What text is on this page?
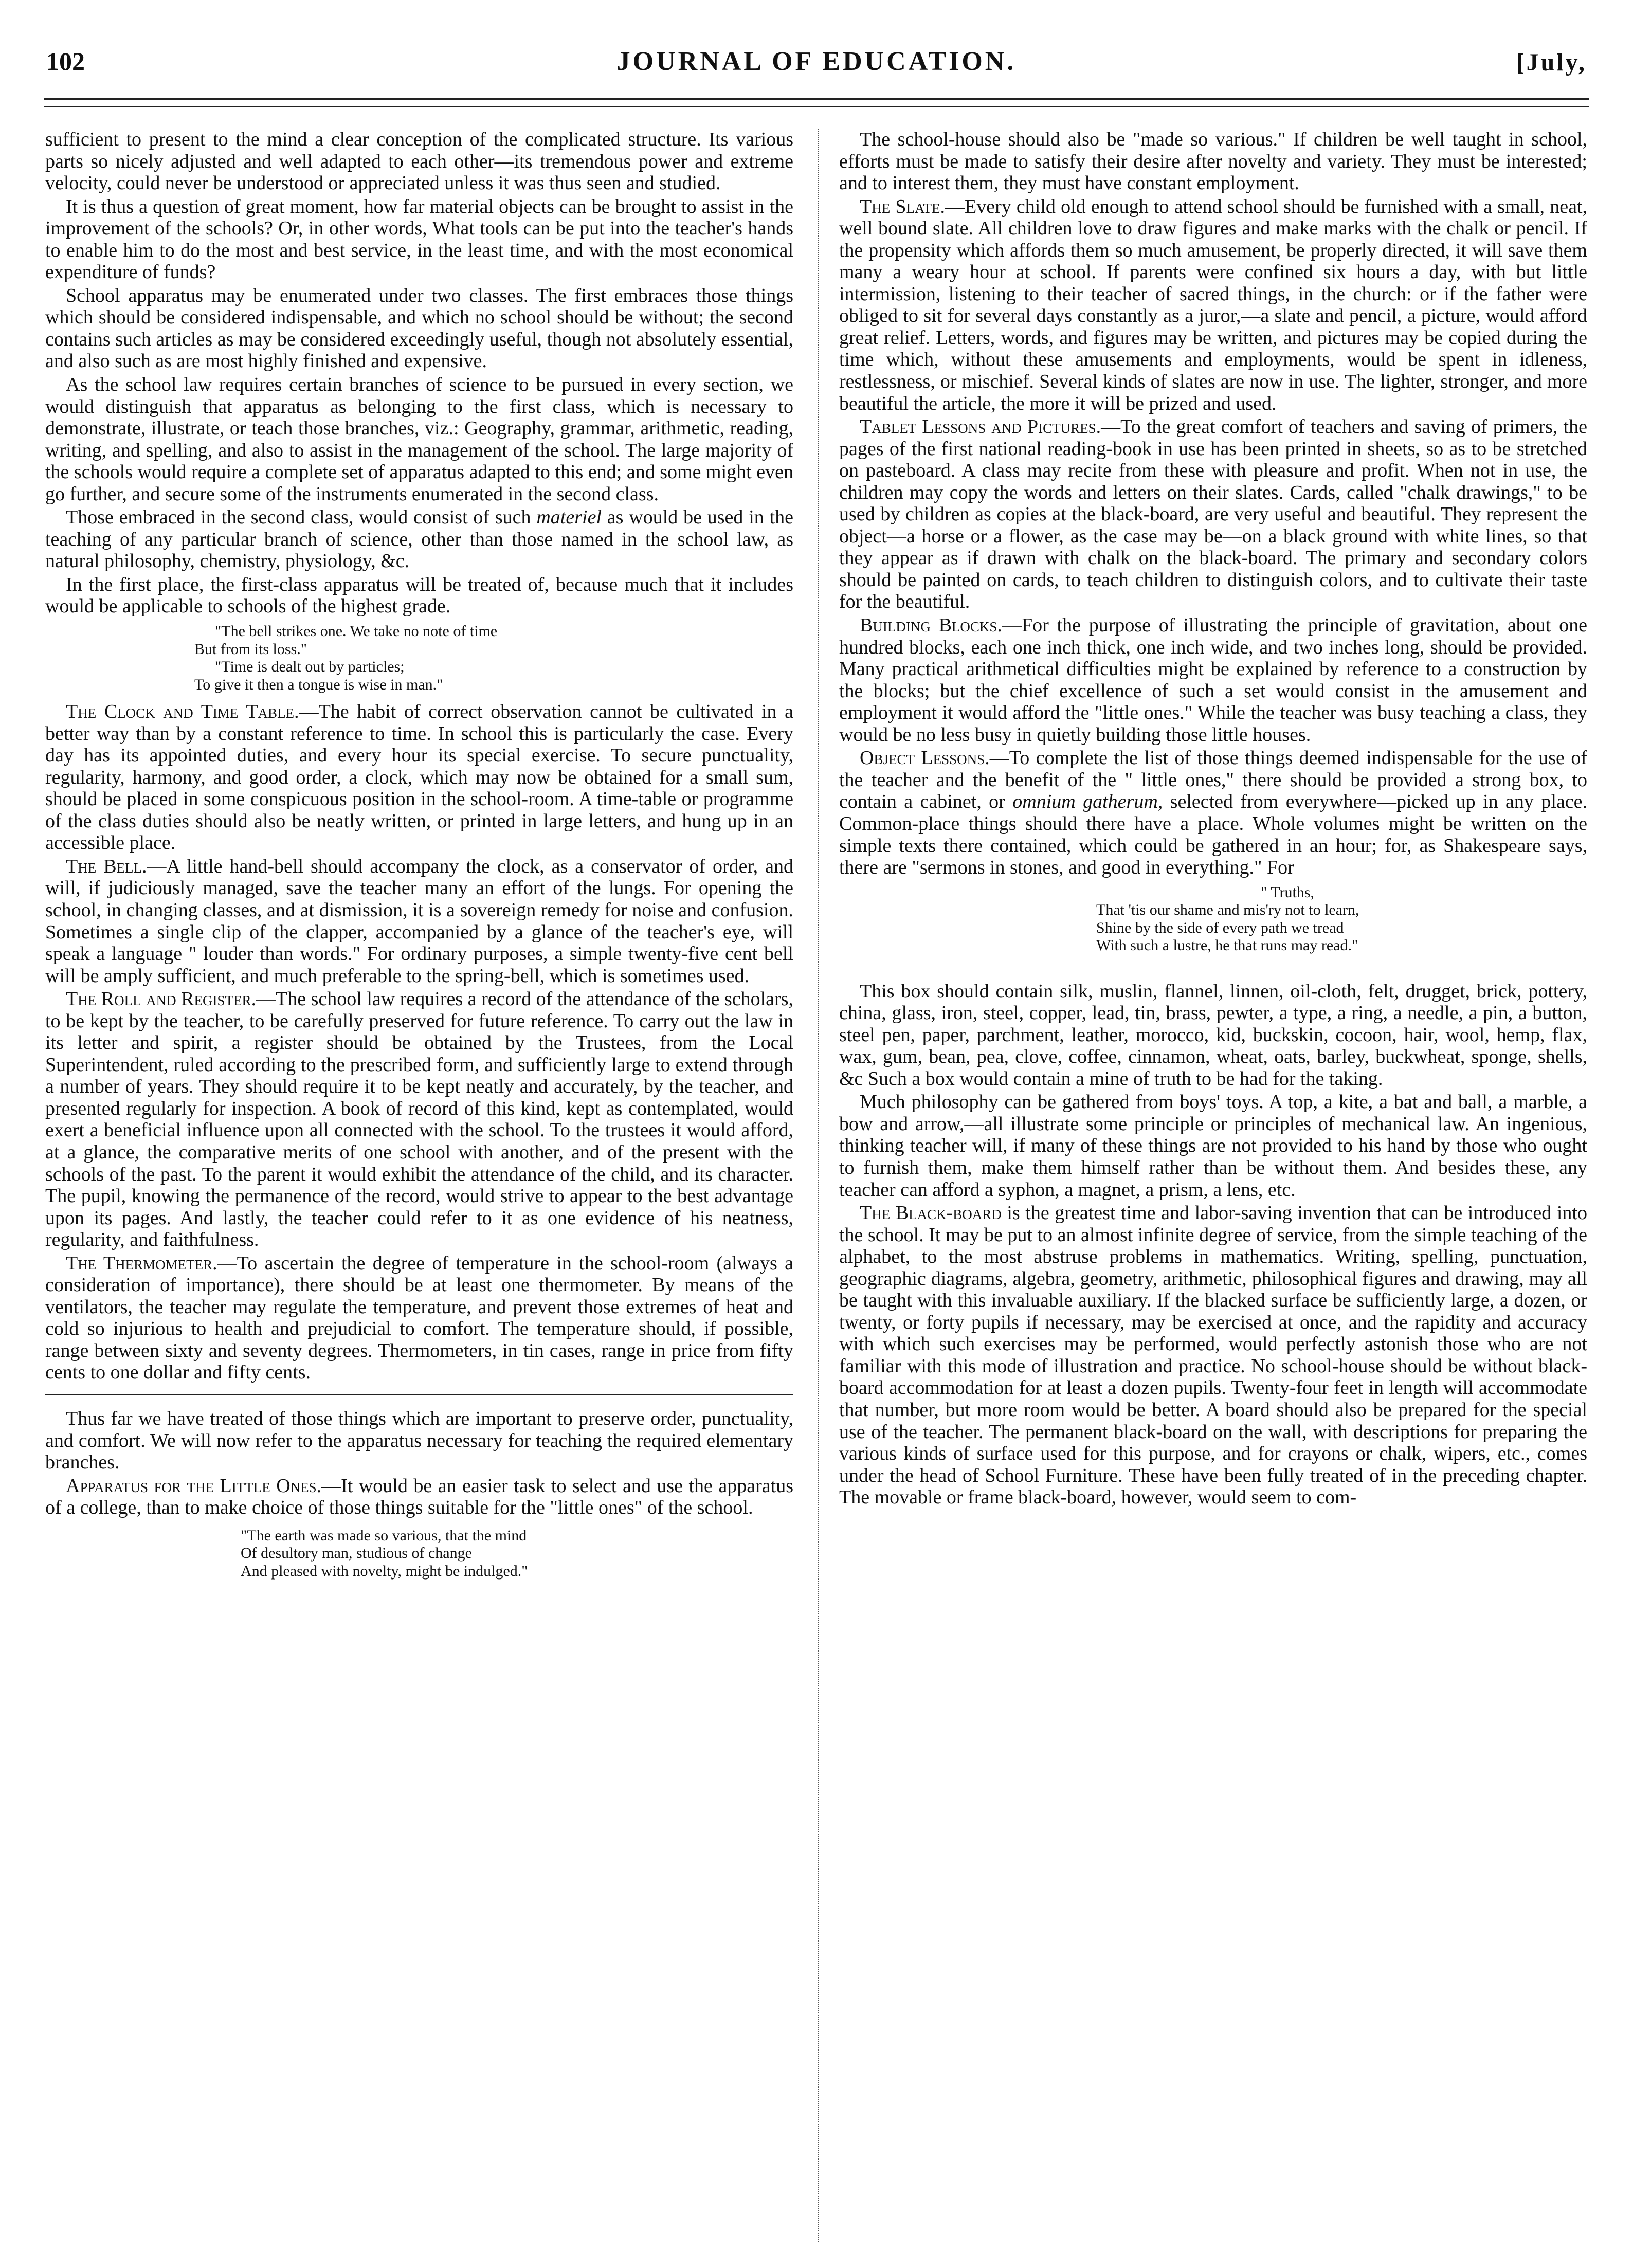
102	JOURNAL OF EDUCATION.	[July,

sufficient to present to the mind a clear conception of the complicated structure. Its various parts so nicely adjusted and well adapted to each other—its tremendous power and extreme velocity, could never be understood or appreciated unless it was thus seen and studied.

It is thus a question of great moment, how far material objects can be brought to assist in the improvement of the schools? Or, in other words, What tools can be put into the teacher's hands to enable him to do the most and best service, in the least time, and with the most economical expenditure of funds?

School apparatus may be enumerated under two classes. The first embraces those things which should be considered indispensable, and which no school should be without; the second contains such articles as may be considered exceedingly useful, though not absolutely essential, and also such as are most highly finished and expensive.

As the school law requires certain branches of science to be pursued in every section, we would distinguish that apparatus as belonging to the first class, which is necessary to demonstrate, illustrate, or teach those branches, viz.: Geography, grammar, arithmetic, reading, writing, and spelling, and also to assist in the management of the school. The large majority of the schools would require a complete set of apparatus adapted to this end; and some might even go further, and secure some of the instruments enumerated in the second class.

Those embraced in the second class, would consist of such materiel as would be used in the teaching of any particular branch of science, other than those named in the school law, as natural philosophy, chemistry, physiology, &c.

In the first place, the first-class apparatus will be treated of, because much that it includes would be applicable to schools of the highest grade.

"The bell strikes one. We take no note of time
But from its loss."
"Time is dealt out by particles;
To give it then a tongue is wise in man."

The Clock and Time Table.—The habit of correct observation cannot be cultivated in a better way than by a constant reference to time. In school this is particularly the case. Every day has its appointed duties, and every hour its special exercise. To secure punctuality, regularity, harmony, and good order, a clock, which may now be obtained for a small sum, should be placed in some conspicuous position in the school-room. A time-table or programme of the class duties should also be neatly written, or printed in large letters, and hung up in an accessible place.

The Bell.—A little hand-bell should accompany the clock, as a conservator of order, and will, if judiciously managed, save the teacher many an effort of the lungs. For opening the school, in changing classes, and at dismission, it is a sovereign remedy for noise and confusion. Sometimes a single clip of the clapper, accompanied by a glance of the teacher's eye, will speak a language " louder than words." For ordinary purposes, a simple twenty-five cent bell will be amply sufficient, and much preferable to the spring-bell, which is sometimes used.

The Roll and Register.—The school law requires a record of the attendance of the scholars, to be kept by the teacher, to be carefully preserved for future reference. To carry out the law in its letter and spirit, a register should be obtained by the Trustees, from the Local Superintendent, ruled according to the prescribed form, and sufficiently large to extend through a number of years. They should require it to be kept neatly and accurately, by the teacher, and presented regularly for inspection. A book of record of this kind, kept as contemplated, would exert a beneficial influence upon all connected with the school. To the trustees it would afford, at a glance, the comparative merits of one school with another, and of the present with the schools of the past. To the parent it would exhibit the attendance of the child, and its character. The pupil, knowing the permanence of the record, would strive to appear to the best advantage upon its pages. And lastly, the teacher could refer to it as one evidence of his neatness, regularity, and faithfulness.

The Thermometer.—To ascertain the degree of temperature in the school-room (always a consideration of importance), there should be at least one thermometer. By means of the ventilators, the teacher may regulate the temperature, and prevent those extremes of heat and cold so injurious to health and prejudicial to comfort. The temperature should, if possible, range between sixty and seventy degrees. Thermometers, in tin cases, range in price from fifty cents to one dollar and fifty cents.

Thus far we have treated of those things which are important to preserve order, punctuality, and comfort. We will now refer to the apparatus necessary for teaching the required elementary branches.

Apparatus for the Little Ones.—It would be an easier task to select and use the apparatus of a college, than to make choice of those things suitable for the "little ones" of the school.

"The earth was made so various, that the mind
Of desultory man, studious of change
And pleased with novelty, might be indulged."

The school-house should also be "made so various." If children be well taught in school, efforts must be made to satisfy their desire after novelty and variety. They must be interested; and to interest them, they must have constant employment.

The Slate.—Every child old enough to attend school should be furnished with a small, neat, well bound slate. All children love to draw figures and make marks with the chalk or pencil. If the propensity which affords them so much amusement, be properly directed, it will save them many a weary hour at school. If parents were confined six hours a day, with but little intermission, listening to their teacher of sacred things, in the church: or if the father were obliged to sit for several days constantly as a juror,—a slate and pencil, a picture, would afford great relief. Letters, words, and figures may be written, and pictures may be copied during the time which, without these amusements and employments, would be spent in idleness, restlessness, or mischief. Several kinds of slates are now in use. The lighter, stronger, and more beautiful the article, the more it will be prized and used.

Tablet Lessons and Pictures.—To the great comfort of teachers and saving of primers, the pages of the first national reading-book in use has been printed in sheets, so as to be stretched on pasteboard. A class may recite from these with pleasure and profit. When not in use, the children may copy the words and letters on their slates. Cards, called "chalk drawings," to be used by children as copies at the black-board, are very useful and beautiful. They represent the object—a horse or a flower, as the case may be—on a black ground with white lines, so that they appear as if drawn with chalk on the black-board. The primary and secondary colors should be painted on cards, to teach children to distinguish colors, and to cultivate their taste for the beautiful.

Building Blocks.—For the purpose of illustrating the principle of gravitation, about one hundred blocks, each one inch thick, one inch wide, and two inches long, should be provided. Many practical arithmetical difficulties might be explained by reference to a construction by the blocks; but the chief excellence of such a set would consist in the amusement and employment it would afford the "little ones." While the teacher was busy teaching a class, they would be no less busy in quietly building those little houses.

Object Lessons.—To complete the list of those things deemed indispensable for the use of the teacher and the benefit of the " little ones," there should be provided a strong box, to contain a cabinet, or omnium gatherum, selected from everywhere—picked up in any place. Common-place things should there have a place. Whole volumes might be written on the simple texts there contained, which could be gathered in an hour; for, as Shakespeare says, there are "sermons in stones, and good in everything." For

" Truths,
That 'tis our shame and mis'ry not to learn,
Shine by the side of every path we tread
With such a lustre, he that runs may read."

This box should contain silk, muslin, flannel, linnen, oil-cloth, felt, drugget, brick, pottery, china, glass, iron, steel, copper, lead, tin, brass, pewter, a type, a ring, a needle, a pin, a button, steel pen, paper, parchment, leather, morocco, kid, buckskin, cocoon, hair, wool, hemp, flax, wax, gum, bean, pea, clove, coffee, cinnamon, wheat, oats, barley, buckwheat, sponge, shells, &c Such a box would contain a mine of truth to be had for the taking.

Much philosophy can be gathered from boys' toys. A top, a kite, a bat and ball, a marble, a bow and arrow,—all illustrate some principle or principles of mechanical law. An ingenious, thinking teacher will, if many of these things are not provided to his hand by those who ought to furnish them, make them himself rather than be without them. And besides these, any teacher can afford a syphon, a magnet, a prism, a lens, etc.

The Black-board is the greatest time and labor-saving invention that can be introduced into the school. It may be put to an almost infinite degree of service, from the simple teaching of the alphabet, to the most abstruse problems in mathematics. Writing, spelling, punctuation, geographic diagrams, algebra, geometry, arithmetic, philosophical figures and drawing, may all be taught with this invaluable auxiliary. If the blacked surface be sufficiently large, a dozen, or twenty, or forty pupils if necessary, may be exercised at once, and the rapidity and accuracy with which such exercises may be performed, would perfectly astonish those who are not familiar with this mode of illustration and practice. No school-house should be without black-board accommodation for at least a dozen pupils. Twenty-four feet in length will accommodate that number, but more room would be better. A board should also be prepared for the special use of the teacher. The permanent black-board on the wall, with descriptions for preparing the various kinds of surface used for this purpose, and for crayons or chalk, wipers, etc., comes under the head of School Furniture. These have been fully treated of in the preceding chapter. The movable or frame black-board, however, would seem to com-
